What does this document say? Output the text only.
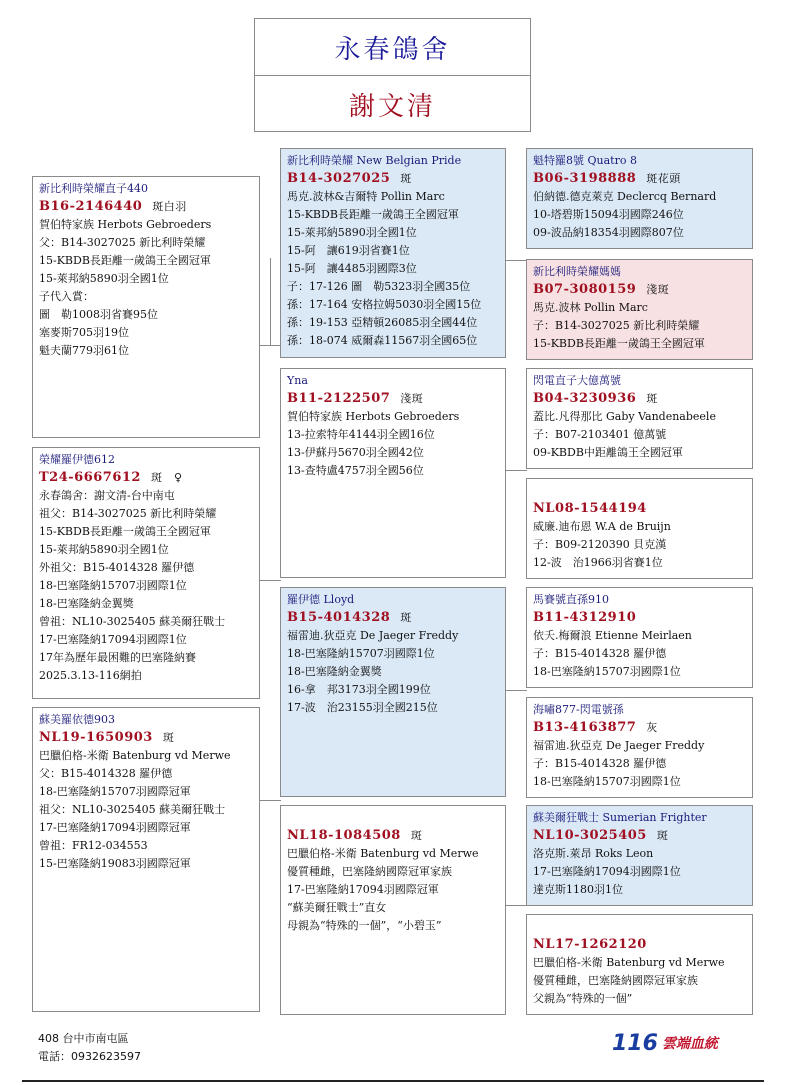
永春鴿舍
謝文清
新比利時榮耀直子440
B16-2146440 斑白羽
賀伯特家族 Herbots Gebroeders
父：B14-3027025 新比利時榮耀
15-KBDB長距離一歲鴿王全國冠軍
15-萊邦納5890羽全國1位
子代入賞：
圖　勒1008羽省賽95位
塞麥斯705羽19位
魁夫蘭779羽61位
榮耀羅伊德612
T24-6667612 斑　♀
永春鴿舍：謝文清-台中南屯
祖父：B14-3027025 新比利時榮耀
15-KBDB長距離一歲鴿王全國冠軍
15-萊邦納5890羽全國1位
外祖父：B15-4014328 羅伊德
18-巴塞隆納15707羽國際1位
18-巴塞隆納金翼獎
曾祖：NL10-3025405 蘇美爾狂戰士
17-巴塞隆納17094羽國際1位
17年為歷年最困難的巴塞隆納賽
2025.3.13-116網拍
蘇美羅依德903
NL19-1650903 斑
巴臘伯格-米衛 Batenburg vd Merwe
父：B15-4014328 羅伊德
18-巴塞隆納15707羽國際冠軍
祖父：NL10-3025405 蘇美爾狂戰士
17-巴塞隆納17094羽國際冠軍
曾祖：FR12-034553
15-巴塞隆納19083羽國際冠軍
新比利時榮耀 New Belgian Pride
B14-3027025 斑
馬克.波林&吉爾特 Pollin Marc
15-KBDB長距離一歲鴿王全國冠軍
15-萊邦納5890羽全國1位
15-阿　讓619羽省賽1位
15-阿　讓4485羽國際3位
子：17-126 圖　勒5323羽全國35位
孫：17-164 安格拉姆5030羽全國15位
孫：19-153 亞精頓26085羽全國44位
孫：18-074 威爾森11567羽全國65位
Yna
B11-2122507 淺斑
賀伯特家族 Herbots Gebroeders
13-拉索特年4144羽全國16位
13-伊蘇丹5670羽全國42位
13-查特盧4757羽全國56位
羅伊德 Lloyd
B15-4014328 斑
福雷迪.狄亞克 De Jaeger Freddy
18-巴塞隆納15707羽國際1位
18-巴塞隆納金翼獎
16-拿　邦3173羽全國199位
17-波　治23155羽全國215位

NL18-1084508 斑
巴臘伯格-米衛 Batenburg vd Merwe
優質種雌，巴塞隆納國際冠軍家族
17-巴塞隆納17094羽國際冠軍
“蘇美爾狂戰士”直女
母親為“特殊的一個”，“小碧玉”
魁特羅8號 Quatro 8
B06-3198888 斑花頭
伯納德.德克萊克 Declercq Bernard
10-塔碧斯15094羽國際246位
09-波品納18354羽國際807位
新比利時榮耀媽媽
B07-3080159 淺斑
馬克.波林 Pollin Marc
子：B14-3027025 新比利時榮耀
15-KBDB長距離一歲鴿王全國冠軍
閃電直子大億萬號
B04-3230936 斑
蓋比.凡得那比 Gaby Vandenabeele
子：B07-2103401 億萬號
09-KBDB中距離鴿王全國冠軍

NL08-1544194
威廉.迪布恩 W.A de Bruijn
子：B09-2120390 貝克漢
12-波　治1966羽省賽1位
馬賽號直孫910
B11-4312910
依夭.梅爾浪 Etienne Meirlaen
子：B15-4014328 羅伊德
18-巴塞隆納15707羽國際1位
海嘯877-閃電號孫
B13-4163877 灰
福雷迪.狄亞克 De Jaeger Freddy
子：B15-4014328 羅伊德
18-巴塞隆納15707羽國際1位
蘇美爾狂戰士 Sumerian Frighter
NL10-3025405 斑
洛克斯.萊昂 Roks Leon
17-巴塞隆納17094羽國際1位
達克斯1180羽1位

NL17-1262120
巴臘伯格-米衛 Batenburg vd Merwe
優質種雌，巴塞隆納國際冠軍家族
父親為“特殊的一個”
408 台中市南屯區
電話：0932623597
116 雲端血統
